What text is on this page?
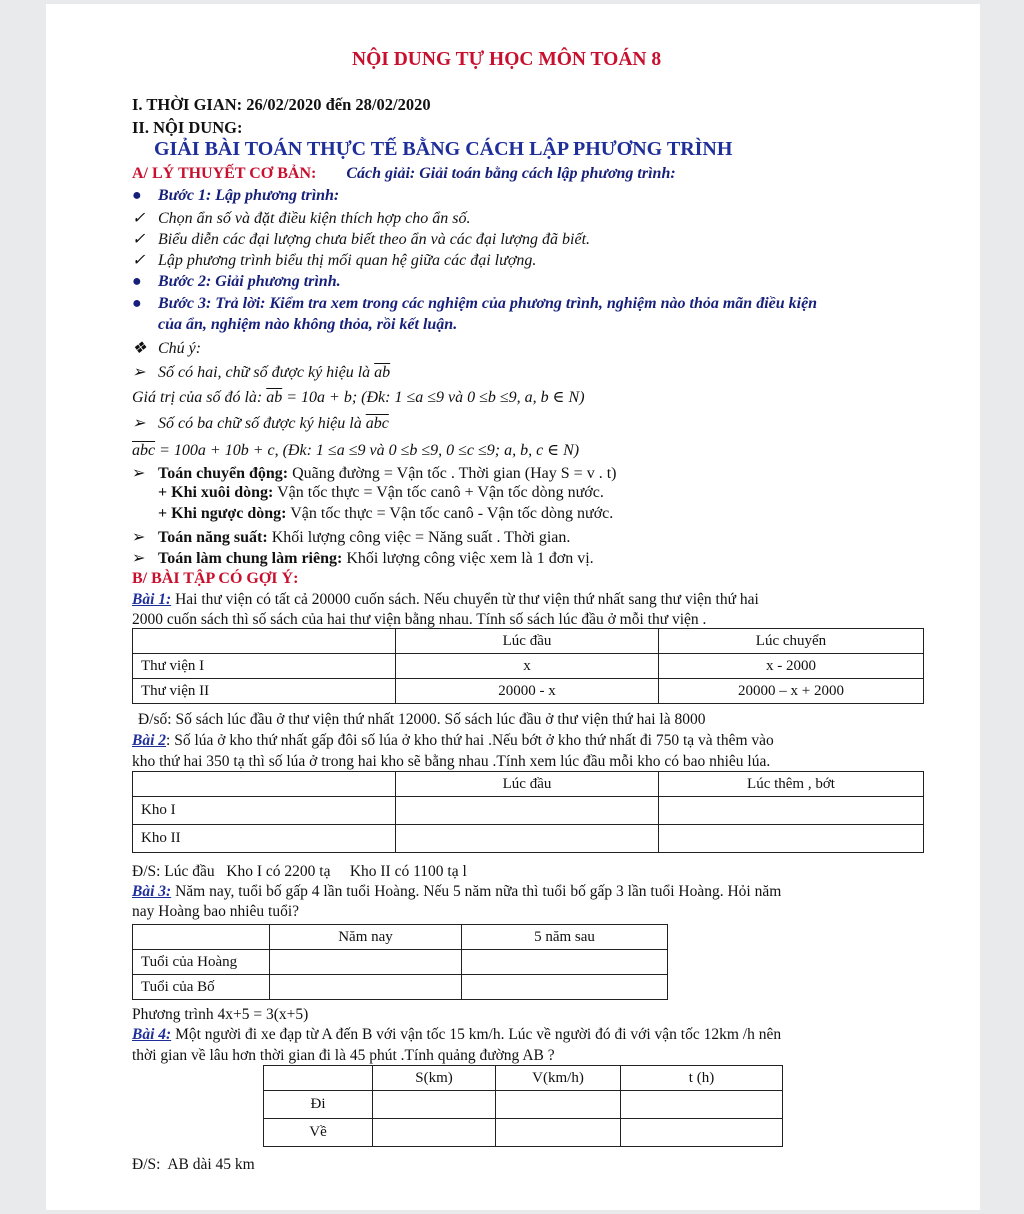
NỘI DUNG TỰ HỌC MÔN TOÁN 8
I. THỜI GIAN: 26/02/2020 đến 28/02/2020
II. NỘI DUNG:
GIẢI BÀI TOÁN THỰC TẾ BẰNG CÁCH LẬP PHƯƠNG TRÌNH
A/ LÝ THUYẾT CƠ BẢN: Cách giải: Giải toán bằng cách lập phương trình:
● Bước 1: Lập phương trình:
✓ Chọn ẩn số và đặt điều kiện thích hợp cho ẩn số.
✓ Biểu diễn các đại lượng chưa biết theo ẩn và các đại lượng đã biết.
✓ Lập phương trình biểu thị mối quan hệ giữa các đại lượng.
● Bước 2: Giải phương trình.
● Bước 3: Trả lời: Kiểm tra xem trong các nghiệm của phương trình, nghiệm nào thỏa mãn điều kiện
của ẩn, nghiệm nào không thỏa, rồi kết luận.
❖ Chú ý:
➢ Số có hai, chữ số được ký hiệu là $\overline{ab}$
Giá trị của số đó là: $\overline{ab} = 10a + b$; (Đk: 1 ≤a ≤9 và 0 ≤b ≤9, a, b ∈ N)
➢ Số có ba chữ số được ký hiệu là $\overline{abc}$
$\overline{abc} = 100a + 10b + c$, (Đk: 1 ≤a ≤9 và 0 ≤b ≤9, 0 ≤c ≤9; a, b, c ∈ N)
➢ Toán chuyển động: Quãng đường = Vận tốc . Thời gian (Hay S = v . t)
+ Khi xuôi dòng: Vận tốc thực = Vận tốc canô + Vận tốc dòng nước.
+ Khi ngược dòng: Vận tốc thực = Vận tốc canô - Vận tốc dòng nước.
➢ Toán năng suất: Khối lượng công việc = Năng suất . Thời gian.
➢ Toán làm chung làm riêng: Khối lượng công việc xem là 1 đơn vị.
B/ BÀI TẬP CÓ GỢI Ý:
Bài 1: Hai thư viện có tất cả 20000 cuốn sách. Nếu chuyển từ thư viện thứ nhất sang thư viện thứ hai
2000 cuốn sách thì số sách của hai thư viện bằng nhau. Tính số sách lúc đầu ở mỗi thư viện .
	Lúc đầu	Lúc chuyển
Thư viện I	x	x - 2000
Thư viện II	20000 - x	20000 – x + 2000
Đ/số: Số sách lúc đầu ở thư viện thứ nhất 12000. Số sách lúc đầu ở thư viện thứ hai là 8000
Bài 2: Số lúa ở kho thứ nhất gấp đôi số lúa ở kho thứ hai .Nếu bớt ở kho thứ nhất đi 750 tạ và thêm vào
kho thứ hai 350 tạ thì số lúa ở trong hai kho sẽ bằng nhau .Tính xem lúc đầu mỗi kho có bao nhiêu lúa.
	Lúc đầu	Lúc thêm , bớt
Kho I		
Kho II		
Đ/S: Lúc đầu   Kho I có 2200 tạ     Kho II có 1100 tạ l
Bài 3: Năm nay, tuổi bố gấp 4 lần tuổi Hoàng. Nếu 5 năm nữa thì tuổi bố gấp 3 lần tuổi Hoàng. Hỏi năm
nay Hoàng bao nhiêu tuổi?
	Năm nay	5 năm sau
Tuổi của Hoàng		
Tuổi của Bố		
Phương trình 4x+5 = 3(x+5)
Bài 4: Một người đi xe đạp từ A đến B với vận tốc 15 km/h. Lúc về người đó đi với vận tốc 12km /h nên
thời gian về lâu hơn thời gian đi là 45 phút .Tính quảng đường AB ?
	S(km)	V(km/h)	t (h)
Đi			
Về			
Đ/S:  AB dài 45 km
